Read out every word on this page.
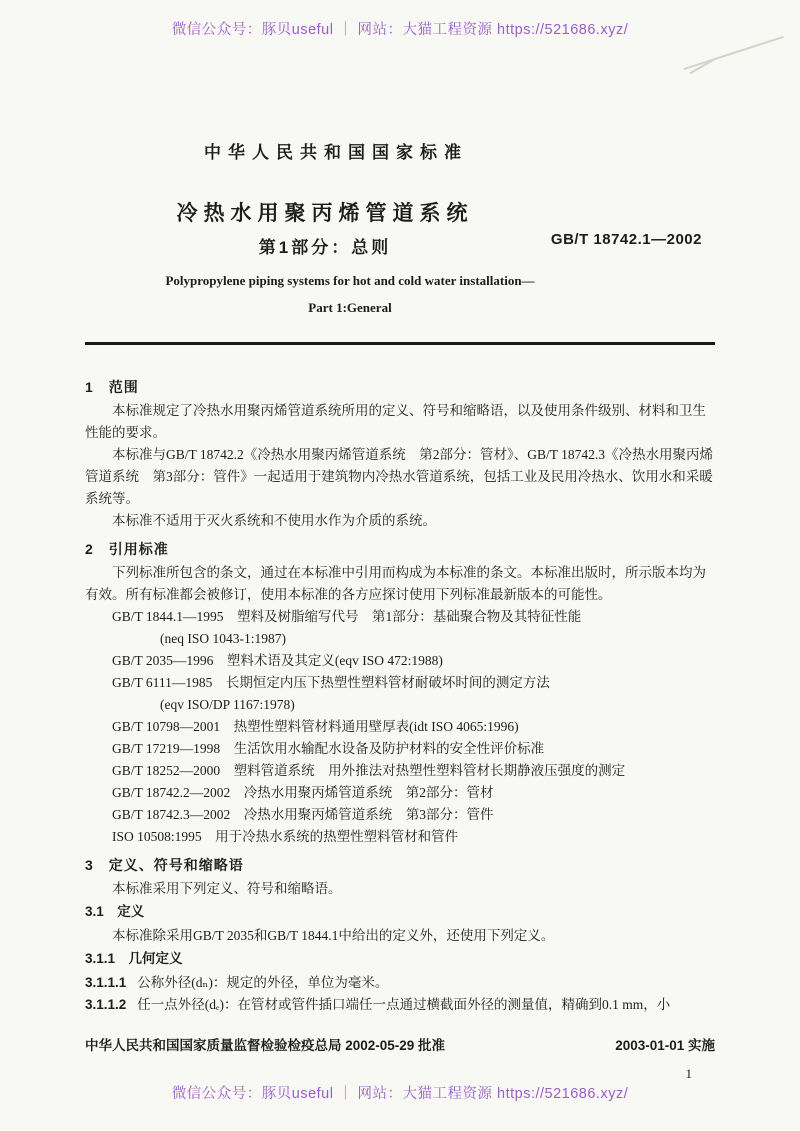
微信公众号：豚贝useful ｜ 网站：大猫工程资源 https://521686.xyz/
中华人民共和国国家标准
冷热水用聚丙烯管道系统
第1部分：总则	GB/T 18742.1—2002
Polypropylene piping systems for hot and cold water installation—
Part 1:General
1　范围

本标准规定了冷热水用聚丙烯管道系统所用的定义、符号和缩略语，以及使用条件级别、材料和卫生性能的要求。

本标准与GB/T 18742.2《冷热水用聚丙烯管道系统　第2部分：管材》、GB/T 18742.3《冷热水用聚丙烯管道系统　第3部分：管件》一起适用于建筑物内冷热水管道系统，包括工业及民用冷热水、饮用水和采暖系统等。

本标准不适用于灭火系统和不使用水作为介质的系统。

2　引用标准

下列标准所包含的条文，通过在本标准中引用而构成为本标准的条文。本标准出版时，所示版本均为有效。所有标准都会被修订，使用本标准的各方应探讨使用下列标准最新版本的可能性。

GB/T 1844.1—1995　塑料及树脂缩写代号　第1部分：基础聚合物及其特征性能
(neq ISO 1043-1:1987)
GB/T 2035—1996　塑料术语及其定义(eqv ISO 472:1988)
GB/T 6111—1985　长期恒定内压下热塑性塑料管材耐破坏时间的测定方法
(eqv ISO/DP 1167:1978)
GB/T 10798—2001　热塑性塑料管材料通用壁厚表(idt ISO 4065:1996)
GB/T 17219—1998　生活饮用水输配水设备及防护材料的安全性评价标准
GB/T 18252—2000　塑料管道系统　用外推法对热塑性塑料管材长期静液压强度的测定
GB/T 18742.2—2002　冷热水用聚丙烯管道系统　第2部分：管材
GB/T 18742.3—2002　冷热水用聚丙烯管道系统　第3部分：管件
ISO 10508:1995　用于冷热水系统的热塑性塑料管材和管件
3　定义、符号和缩略语

本标准采用下列定义、符号和缩略语。

3.1　定义

本标准除采用GB/T 2035和GB/T 1844.1中给出的定义外，还使用下列定义。

3.1.1　几何定义

3.1.1.1 公称外径(dₙ)：规定的外径，单位为毫米。

3.1.1.2 任一点外径(dₑ)：在管材或管件插口端任一点通过横截面外径的测量值，精确到0.1 mm，小

中华人民共和国国家质量监督检验检疫总局 2002-05-29 批准	2003-01-01 实施
1
微信公众号：豚贝useful ｜ 网站：大猫工程资源 https://521686.xyz/
